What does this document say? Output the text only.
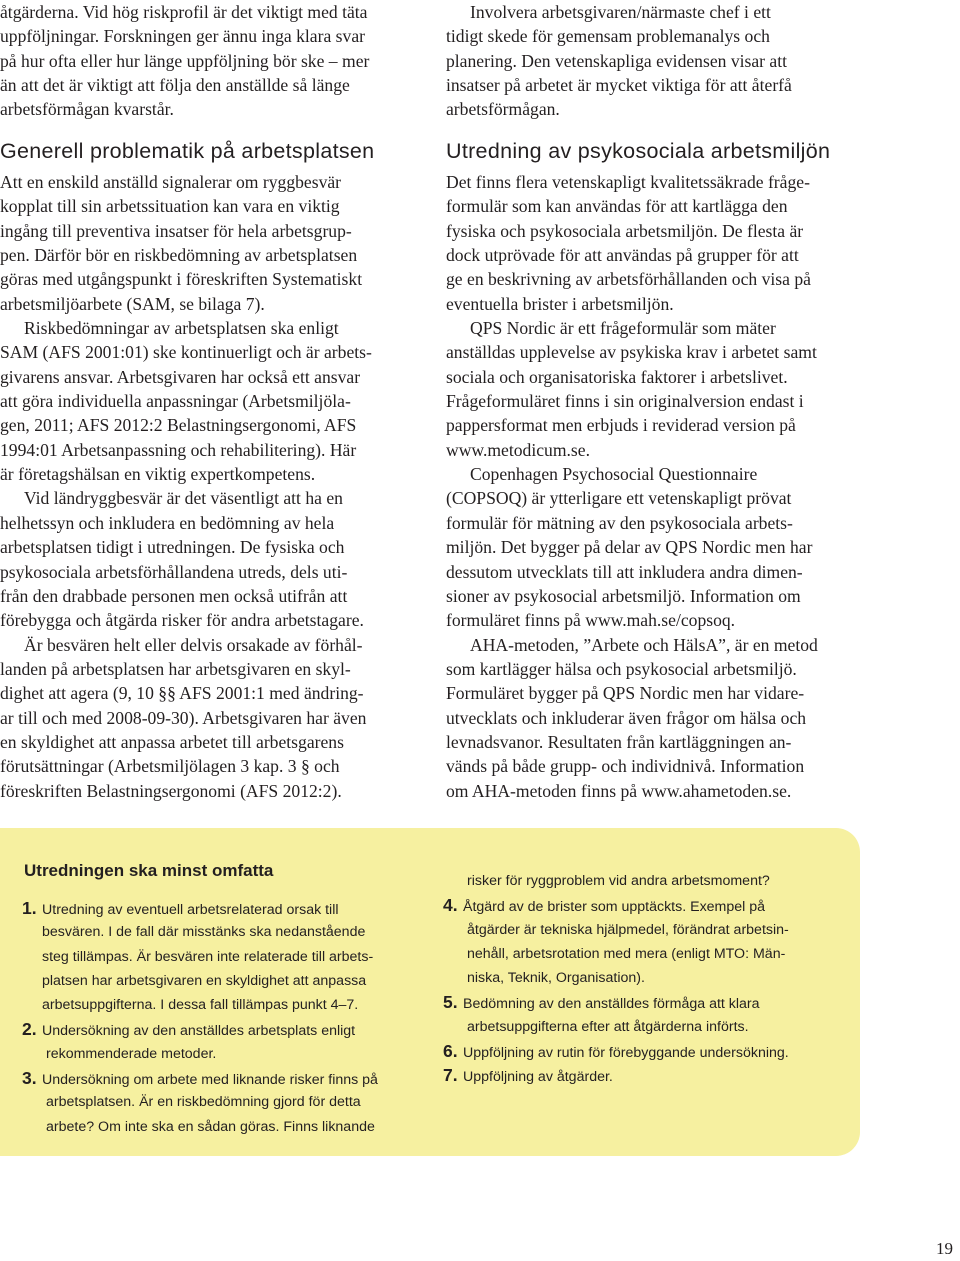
åtgärderna. Vid hög riskprofil är det viktigt med täta
uppföljningar. Forskningen ger ännu inga klara svar
på hur ofta eller hur länge uppföljning bör ske – mer
än att det är viktigt att följa den anställde så länge
arbetsförmågan kvarstår.
Generell problematik på arbetsplatsen
Att en enskild anställd signalerar om ryggbesvär
kopplat till sin arbetssituation kan vara en viktig
ingång till preventiva insatser för hela arbetsgrup-
pen. Därför bör en riskbedömning av arbetsplatsen
göras med utgångspunkt i föreskriften Systematiskt
arbetsmiljöarbete (SAM, se bilaga 7).
Riskbedömningar av arbetsplatsen ska enligt
SAM (AFS 2001:01) ske kontinuerligt och är arbets-
givarens ansvar. Arbetsgivaren har också ett ansvar
att göra individuella anpassningar (Arbetsmiljöla-
gen, 2011; AFS 2012:2 Belastningsergonomi, AFS
1994:01 Arbetsanpassning och rehabilitering). Här
är företagshälsan en viktig expertkompetens.
Vid ländryggbesvär är det väsentligt att ha en
helhetssyn och inkludera en bedömning av hela
arbetsplatsen tidigt i utredningen. De fysiska och
psykosociala arbetsförhållandena utreds, dels uti-
från den drabbade personen men också utifrån att
förebygga och åtgärda risker för andra arbetstagare.
Är besvären helt eller delvis orsakade av förhål-
landen på arbetsplatsen har arbetsgivaren en skyl-
dighet att agera (9, 10 §§ AFS 2001:1 med ändring-
ar till och med 2008-09-30). Arbetsgivaren har även
en skyldighet att anpassa arbetet till arbetsgarens
förutsättningar (Arbetsmiljölagen 3 kap. 3 § och
föreskriften Belastningsergonomi (AFS 2012:2).
Involvera arbetsgivaren/närmaste chef i ett
tidigt skede för gemensam problemanalys och
planering. Den vetenskapliga evidensen visar att
insatser på arbetet är mycket viktiga för att återfå
arbetsförmågan.
Utredning av psykosociala arbetsmiljön
Det finns flera vetenskapligt kvalitetssäkrade fråge-
formulär som kan användas för att kartlägga den
fysiska och psykosociala arbetsmiljön. De flesta är
dock utprövade för att användas på grupper för att
ge en beskrivning av arbetsförhållanden och visa på
eventuella brister i arbetsmiljön.
QPS Nordic är ett frågeformulär som mäter
anställdas upplevelse av psykiska krav i arbetet samt
sociala och organisatoriska faktorer i arbetslivet.
Frågeformuläret finns i sin originalversion endast i
pappersformat men erbjuds i reviderad version på
www.metodicum.se.
Copenhagen Psychosocial Questionnaire
(COPSOQ) är ytterligare ett vetenskapligt prövat
formulär för mätning av den psykosociala arbets-
miljön. Det bygger på delar av QPS Nordic men har
dessutom utvecklats till att inkludera andra dimen-
sioner av psykosocial arbetsmiljö. Information om
formuläret finns på www.mah.se/copsoq.
AHA-metoden, ”Arbete och HälsA”, är en metod
som kartlägger hälsa och psykosocial arbetsmiljö.
Formuläret bygger på QPS Nordic men har vidare-
utvecklats och inkluderar även frågor om hälsa och
levnadsvanor. Resultaten från kartläggningen an-
vänds på både grupp- och individnivå. Information
om AHA-metoden finns på www.ahametoden.se.
Utredningen ska minst omfatta
1. Utredning av eventuell arbetsrelaterad orsak till
besvären. I de fall där misstänks ska nedanstående
steg tillämpas. Är besvären inte relaterade till arbets-
platsen har arbetsgivaren en skyldighet att anpassa
arbetsuppgifterna. I dessa fall tillämpas punkt 4–7.
2. Undersökning av den anställdes arbetsplats enligt
rekommenderade metoder.
3. Undersökning om arbete med liknande risker finns på
arbetsplatsen. Är en riskbedömning gjord för detta
arbete? Om inte ska en sådan göras. Finns liknande
risker för ryggproblem vid andra arbetsmoment?
4. Åtgärd av de brister som upptäckts. Exempel på
åtgärder är tekniska hjälpmedel, förändrat arbetsin-
nehåll, arbetsrotation med mera (enligt MTO: Män-
niska, Teknik, Organisation).
5. Bedömning av den anställdes förmåga att klara
arbetsuppgifterna efter att åtgärderna införts.
6. Uppföljning av rutin för förebyggande undersökning.
7. Uppföljning av åtgärder.
19
